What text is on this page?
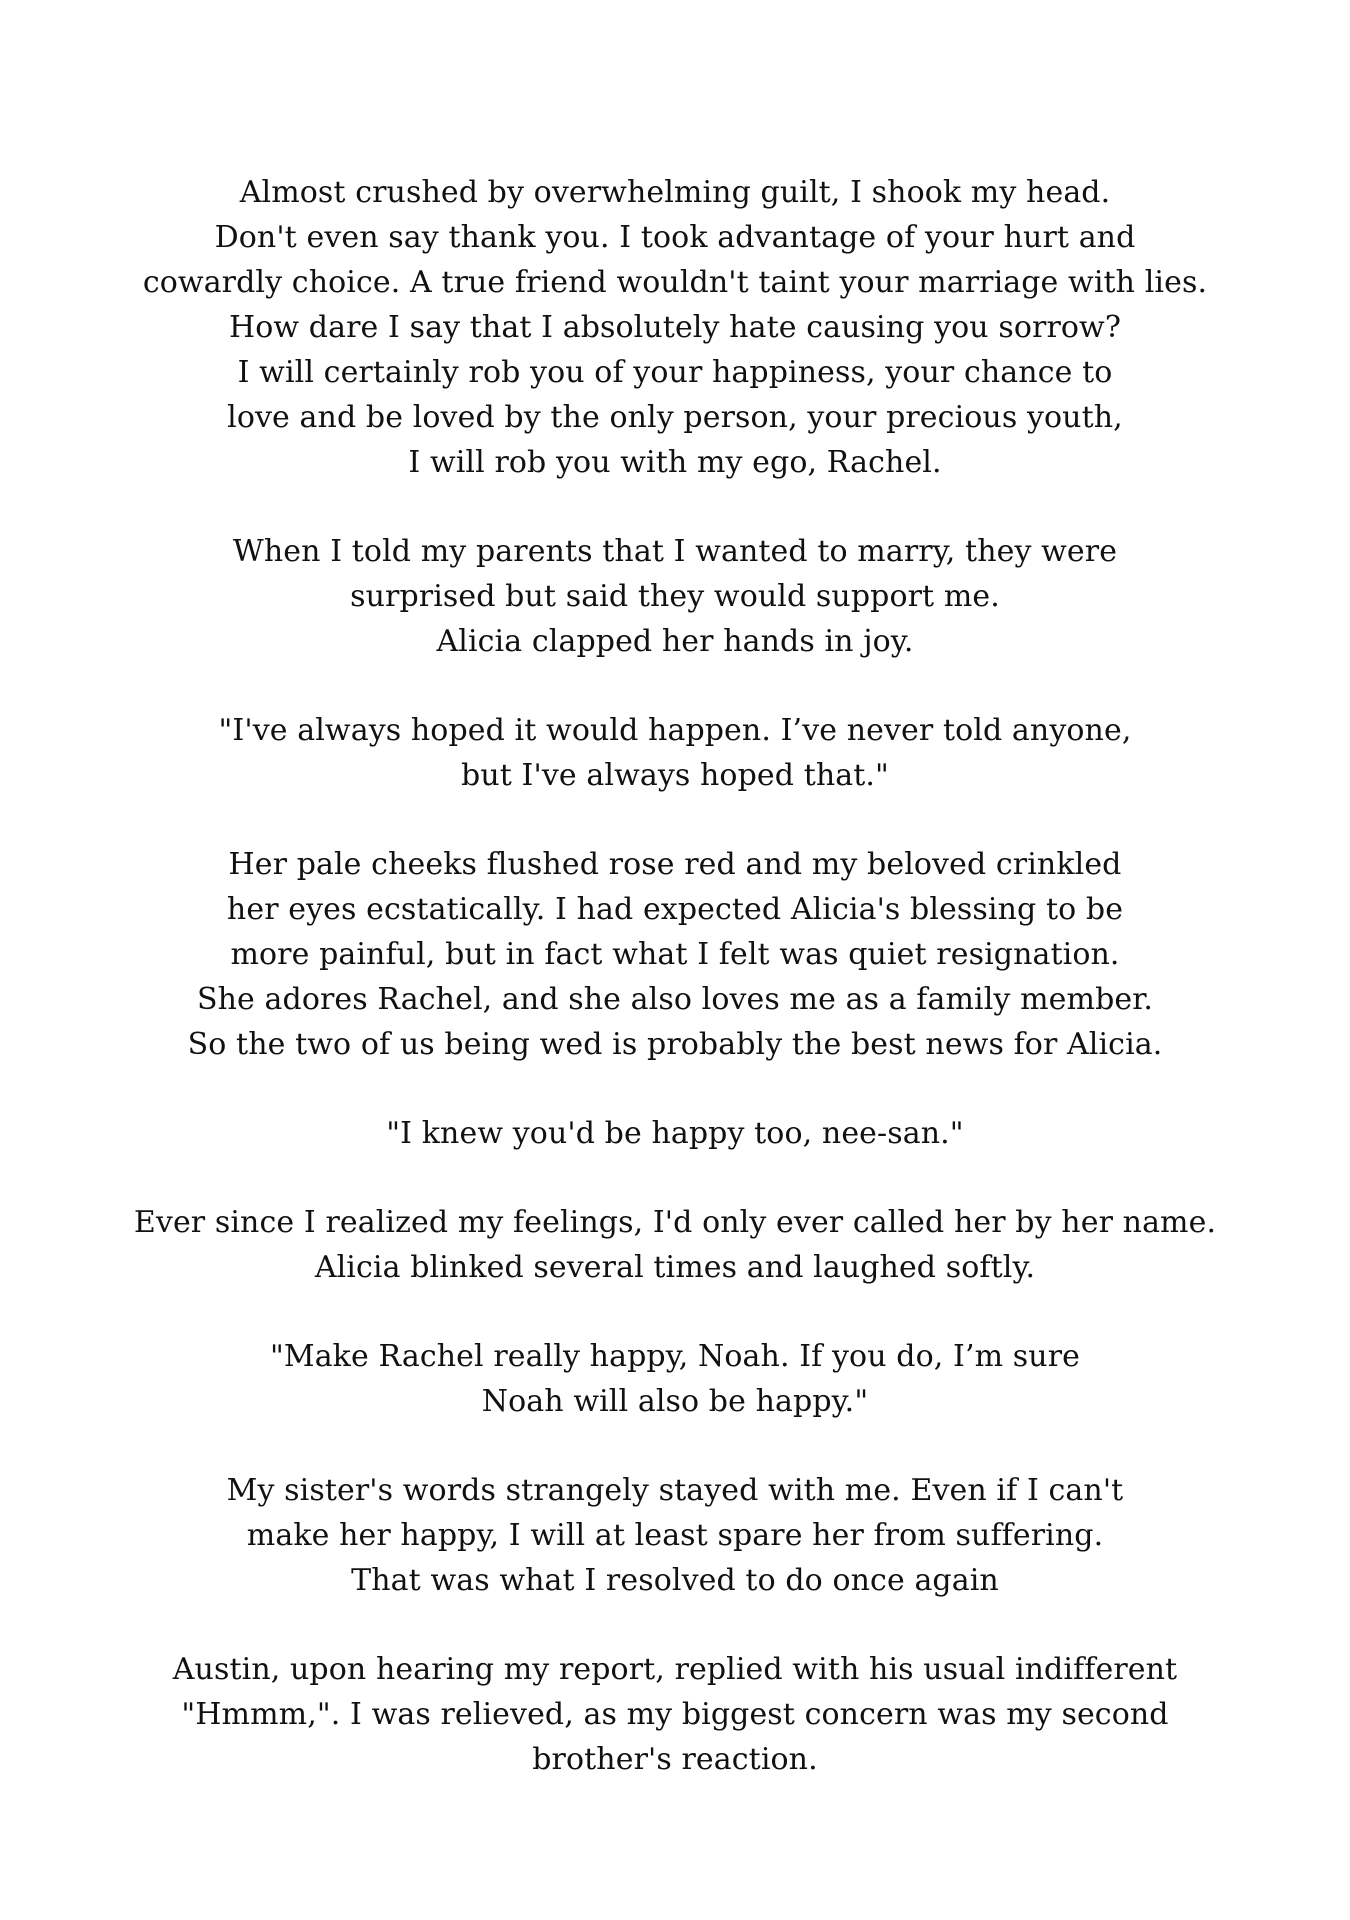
Almost crushed by overwhelming guilt, I shook my head.
Don't even say thank you. I took advantage of your hurt and
cowardly choice. A true friend wouldn't taint your marriage with lies.
How dare I say that I absolutely hate causing you sorrow?
I will certainly rob you of your happiness, your chance to
love and be loved by the only person, your precious youth,
I will rob you with my ego, Rachel.

When I told my parents that I wanted to marry, they were
surprised but said they would support me.
Alicia clapped her hands in joy.

"I've always hoped it would happen. I’ve never told anyone,
but I've always hoped that."

Her pale cheeks flushed rose red and my beloved crinkled
her eyes ecstatically. I had expected Alicia's blessing to be
more painful, but in fact what I felt was quiet resignation.
She adores Rachel, and she also loves me as a family member.
So the two of us being wed is probably the best news for Alicia.

"I knew you'd be happy too, nee-san."

Ever since I realized my feelings, I'd only ever called her by her name.
Alicia blinked several times and laughed softly.

"Make Rachel really happy, Noah. If you do, I’m sure
Noah will also be happy."

My sister's words strangely stayed with me. Even if I can't
make her happy, I will at least spare her from suffering.
That was what I resolved to do once again

Austin, upon hearing my report, replied with his usual indifferent
"Hmmm,". I was relieved, as my biggest concern was my second
brother's reaction.
